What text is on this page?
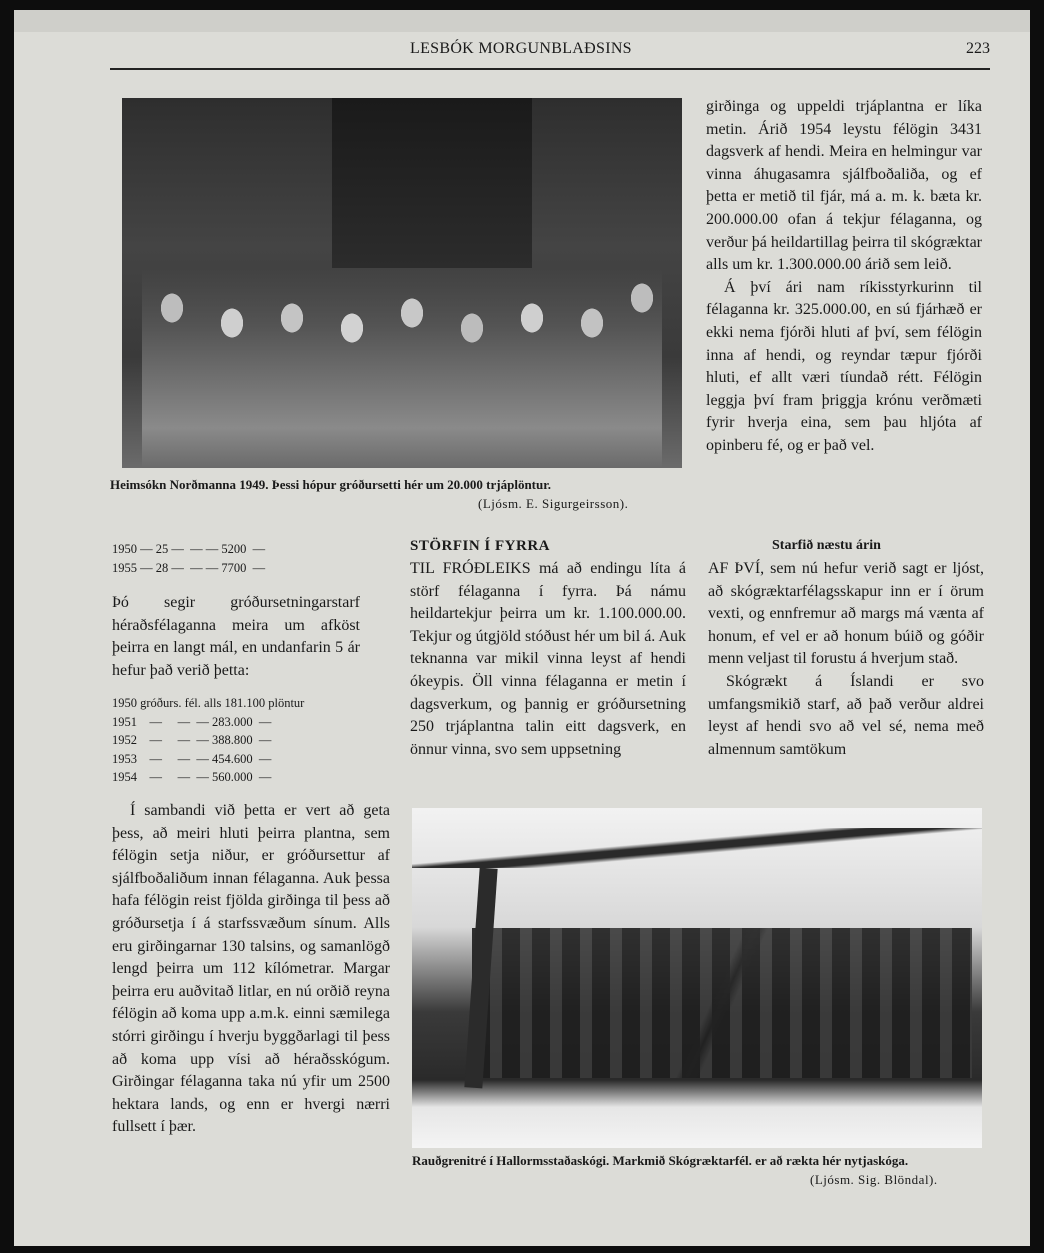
LESBÓK MORGUNBLAÐSINS	223
Heimsókn Norðmanna 1949. Þessi hópur gróðursetti hér um 20.000 trjáplöntur.
(Ljósm. E. Sigurgeirsson).

girðinga og uppeldi trjáplantna er líka metin. Árið 1954 leystu félögin 3431 dagsverk af hendi. Meira en helmingur var vinna áhugasamra sjálfboðaliða, og ef þetta er metið til fjár, má a. m. k. bæta kr. 200.000.00 ofan á tekjur félaganna, og verður þá heildartillag þeirra til skógræktar alls um kr. 1.300.000.00 árið sem leið.

Á því ári nam ríkisstyrkurinn til félaganna kr. 325.000.00, en sú fjárhæð er ekki nema fjórði hluti af því, sem félögin inna af hendi, og reyndar tæpur fjórði hluti, ef allt væri tíundað rétt. Félögin leggja því fram þriggja krónu verðmæti fyrir hverja eina, sem þau hljóta af opinberu fé, og er það vel.

1950 — 25 —  — — 5200  —
1955 — 28 —  — — 7700  —

Þó segir gróðursetningarstarf héraðsfélaganna meira um afköst þeirra en langt mál, en undanfarin 5 ár hefur það verið þetta:

1950 gróðurs. fél. alls 181.100 plöntur
1951    —     —  — 283.000  —
1952    —     —  — 388.800  —
1953    —     —  — 454.600  —
1954    —     —  — 560.000  —

Í sambandi við þetta er vert að geta þess, að meiri hluti þeirra plantna, sem félögin setja niður, er gróðursettur af sjálfboðaliðum innan félaganna. Auk þessa hafa félögin reist fjölda girðinga til þess að gróðursetja í á starfssvæðum sínum. Alls eru girðingarnar 130 talsins, og samanlögð lengd þeirra um 112 kílómetrar. Margar þeirra eru auðvitað litlar, en nú orðið reyna félögin að koma upp a.m.k. einni sæmilega stórri girðingu í hverju byggðarlagi til þess að koma upp vísi að héraðsskógum. Girðingar félaganna taka nú yfir um 2500 hektara lands, og enn er hvergi nærri fullsett í þær.

STÖRFIN Í FYRRA

TIL FRÓÐLEIKS má að endingu líta á störf félaganna í fyrra. Þá námu heildartekjur þeirra um kr. 1.100.000.00. Tekjur og útgjöld stóðust hér um bil á. Auk teknanna var mikil vinna leyst af hendi ókeypis. Öll vinna félaganna er metin í dagsverkum, og þannig er gróðursetning 250 trjáplantna talin eitt dagsverk, en önnur vinna, svo sem uppsetning

Starfið næstu árin

AF ÞVÍ, sem nú hefur verið sagt er ljóst, að skógræktarfélagsskapur inn er í örum vexti, og ennfremur að margs má vænta af honum, ef vel er að honum búið og góðir menn veljast til forustu á hverjum stað.

Skógrækt á Íslandi er svo umfangsmikið starf, að það verður aldrei leyst af hendi svo að vel sé, nema með almennum samtökum

Rauðgrenitré í Hallormsstaðaskógi. Markmið Skógræktarfél. er að rækta hér nytjaskóga.
(Ljósm. Sig. Blöndal).
